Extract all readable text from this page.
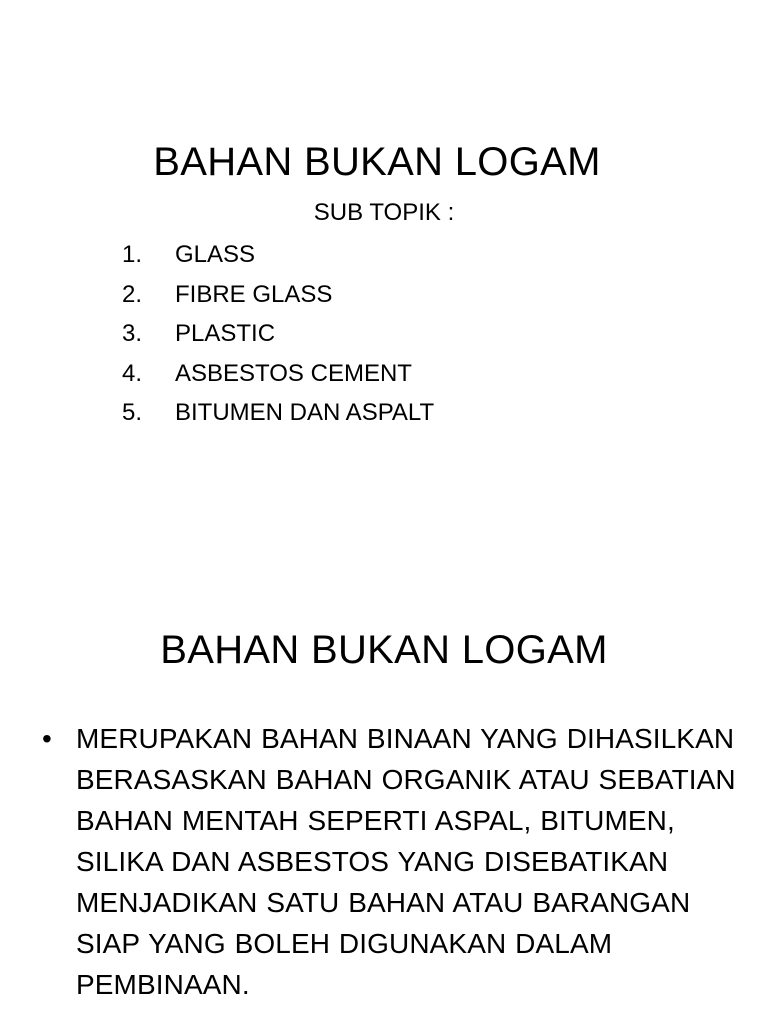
BAHAN BUKAN LOGAM
SUB TOPIK :
1.	GLASS
2.	FIBRE GLASS
3.	PLASTIC
4.	ASBESTOS CEMENT
5.	BITUMEN DAN ASPALT
BAHAN BUKAN LOGAM
• MERUPAKAN BAHAN BINAAN YANG DIHASILKAN BERASASKAN BAHAN ORGANIK ATAU SEBATIAN BAHAN MENTAH SEPERTI ASPAL, BITUMEN, SILIKA DAN ASBESTOS YANG DISEBATIKAN MENJADIKAN SATU BAHAN ATAU BARANGAN SIAP YANG BOLEH DIGUNAKAN DALAM PEMBINAAN.
